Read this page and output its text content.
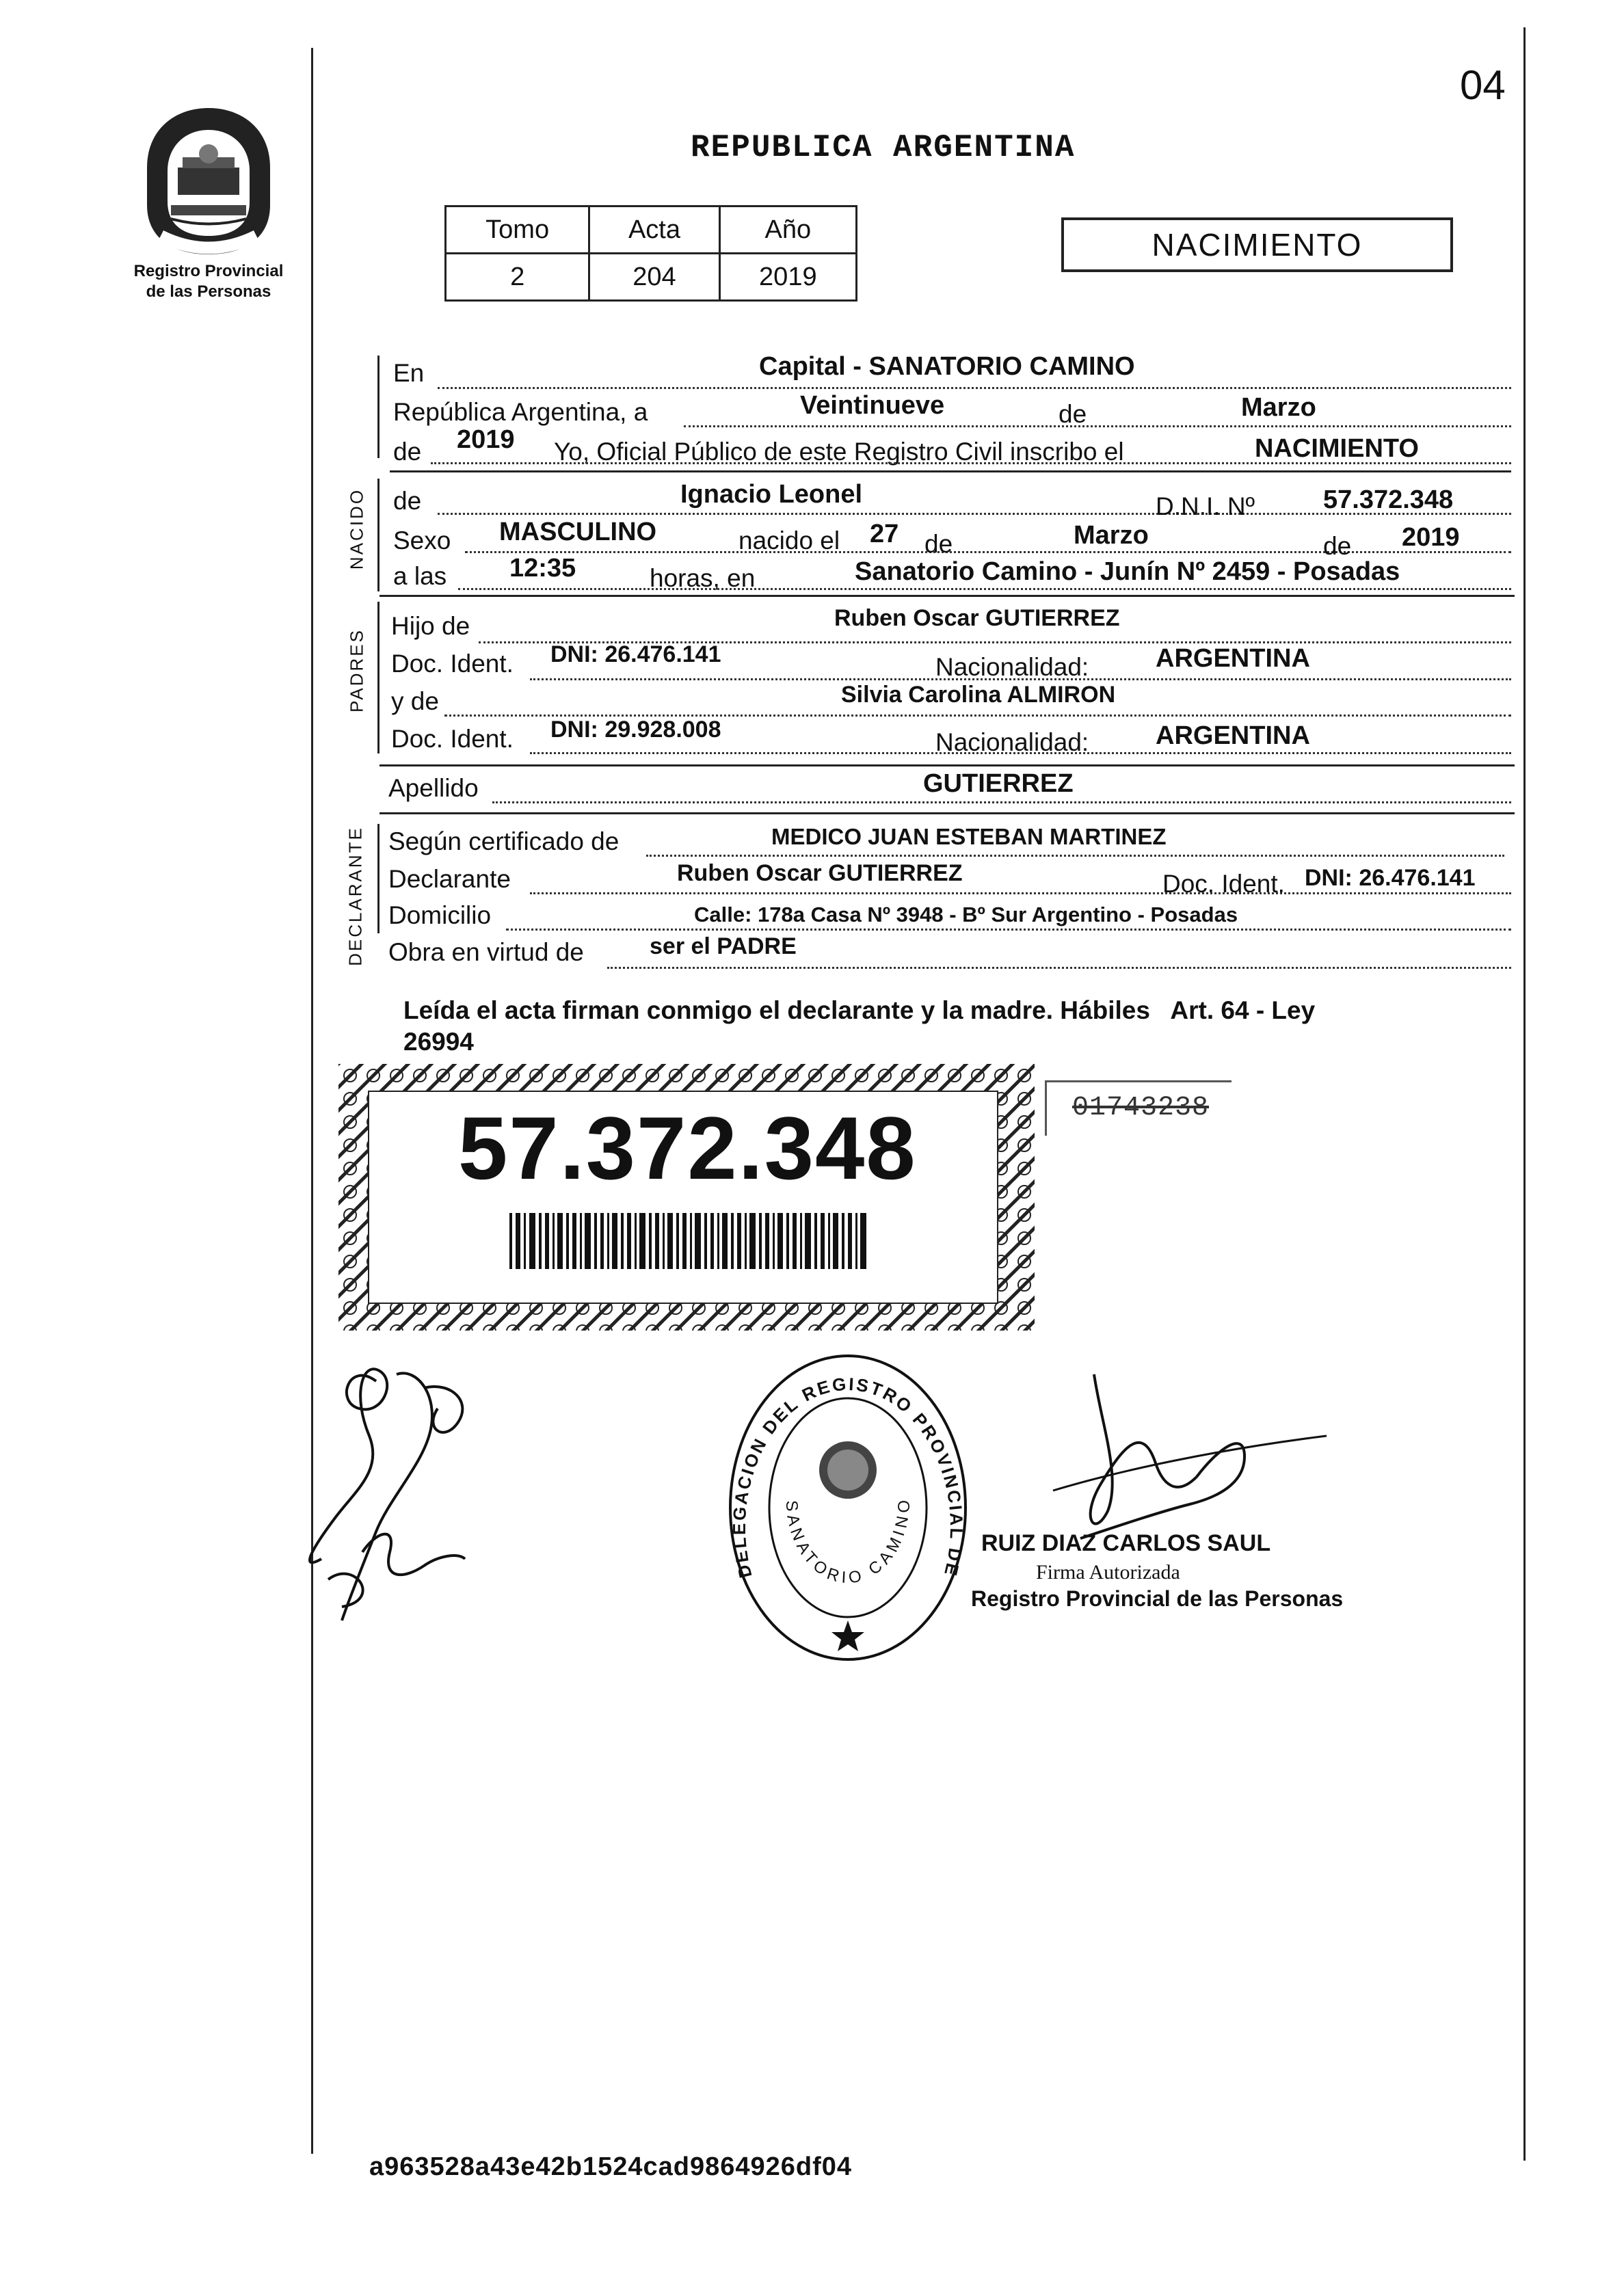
04
Registro Provincial
de las Personas
REPUBLICA ARGENTINA
Tomo	Acta	Año
2	204	2019
NACIMIENTO
En	Capital - SANATORIO CAMINO
República Argentina, a	Veintinueve	de	Marzo
de 2019 Yo, Oficial Público de este Registro Civil inscribo el	NACIMIENTO
NACIDO de	Ignacio Leonel	D.N.I. Nº	57.372.348
Sexo MASCULINO	nacido el 27 de	Marzo	de 2019
a las 12:35	horas, en	Sanatorio Camino - Junín Nº 2459 - Posadas
PADRES
Hijo de	Ruben Oscar GUTIERREZ
Doc. Ident. DNI: 26.476.141	Nacionalidad:	ARGENTINA
y de	Silvia Carolina ALMIRON
Doc. Ident. DNI: 29.928.008	Nacionalidad:	ARGENTINA
Apellido	GUTIERREZ
DECLARANTE Según certificado de	MEDICO JUAN ESTEBAN MARTINEZ
Declarante	Ruben Oscar GUTIERREZ	Doc. Ident. DNI: 26.476.141
Domicilio	Calle: 178a Casa Nº 3948 - Bº Sur Argentino - Posadas
Obra en virtud de	ser el PADRE
Leída el acta firman conmigo el declarante y la madre. Hábiles   Art. 64 - Ley
26994
01743238
57.372.348
DELEGACION DEL REGISTRO PROVINCIAL DE
SANATORIO CAMINO
RUIZ DIAZ CARLOS SAUL
Firma Autorizada
Registro Provincial de las Personas
a963528a43e42b1524cad9864926df04
